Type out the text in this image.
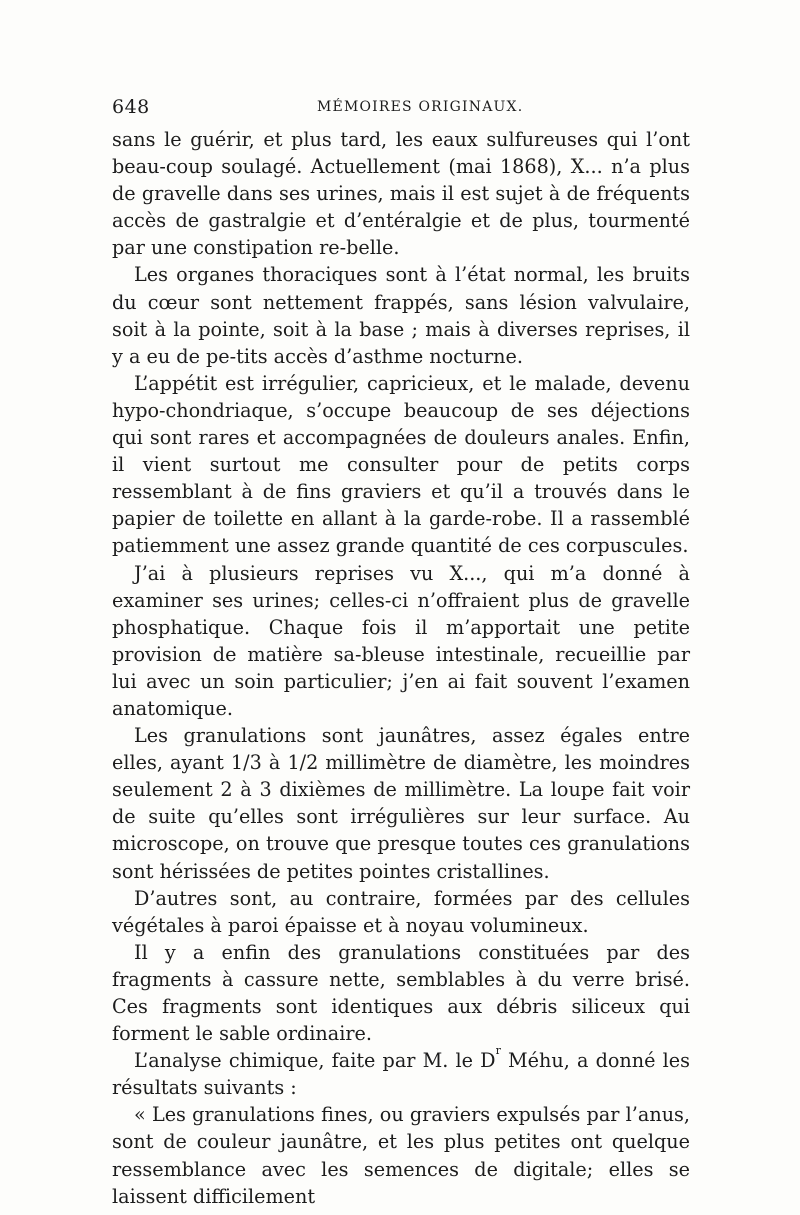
648	MÉMOIRES ORIGINAUX.

sans le guérir, et plus tard, les eaux sulfureuses qui l’ont beau-coup soulagé. Actuellement (mai 1868), X... n’a plus de gravelle dans ses urines, mais il est sujet à de fréquents accès de gastralgie et d’entéralgie et de plus, tourmenté par une constipation re-belle.

Les organes thoraciques sont à l’état normal, les bruits du cœur sont nettement frappés, sans lésion valvulaire, soit à la pointe, soit à la base ; mais à diverses reprises, il y a eu de pe-tits accès d’asthme nocturne.

L’appétit est irrégulier, capricieux, et le malade, devenu hypo-chondriaque, s’occupe beaucoup de ses déjections qui sont rares et accompagnées de douleurs anales. Enfin, il vient surtout me consulter pour de petits corps ressemblant à de fins graviers et qu’il a trouvés dans le papier de toilette en allant à la garde-robe. Il a rassemblé patiemment une assez grande quantité de ces corpuscules.

J’ai à plusieurs reprises vu X..., qui m’a donné à examiner ses urines; celles-ci n’offraient plus de gravelle phosphatique. Chaque fois il m’apportait une petite provision de matière sa-bleuse intestinale, recueillie par lui avec un soin particulier; j’en ai fait souvent l’examen anatomique.

Les granulations sont jaunâtres, assez égales entre elles, ayant 1/3 à 1/2 millimètre de diamètre, les moindres seulement 2 à 3 dixièmes de millimètre. La loupe fait voir de suite qu’elles sont irrégulières sur leur surface. Au microscope, on trouve que presque toutes ces granulations sont hérissées de petites pointes cristallines.

D’autres sont, au contraire, formées par des cellules végétales à paroi épaisse et à noyau volumineux.

Il y a enfin des granulations constituées par des fragments à cassure nette, semblables à du verre brisé. Ces fragments sont identiques aux débris siliceux qui forment le sable ordinaire.

L’analyse chimique, faite par M. le $D^r$ Méhu, a donné les résultats suivants :

« Les granulations fines, ou graviers expulsés par l’anus, sont de couleur jaunâtre, et les plus petites ont quelque ressemblance avec les semences de digitale; elles se laissent difficilement
